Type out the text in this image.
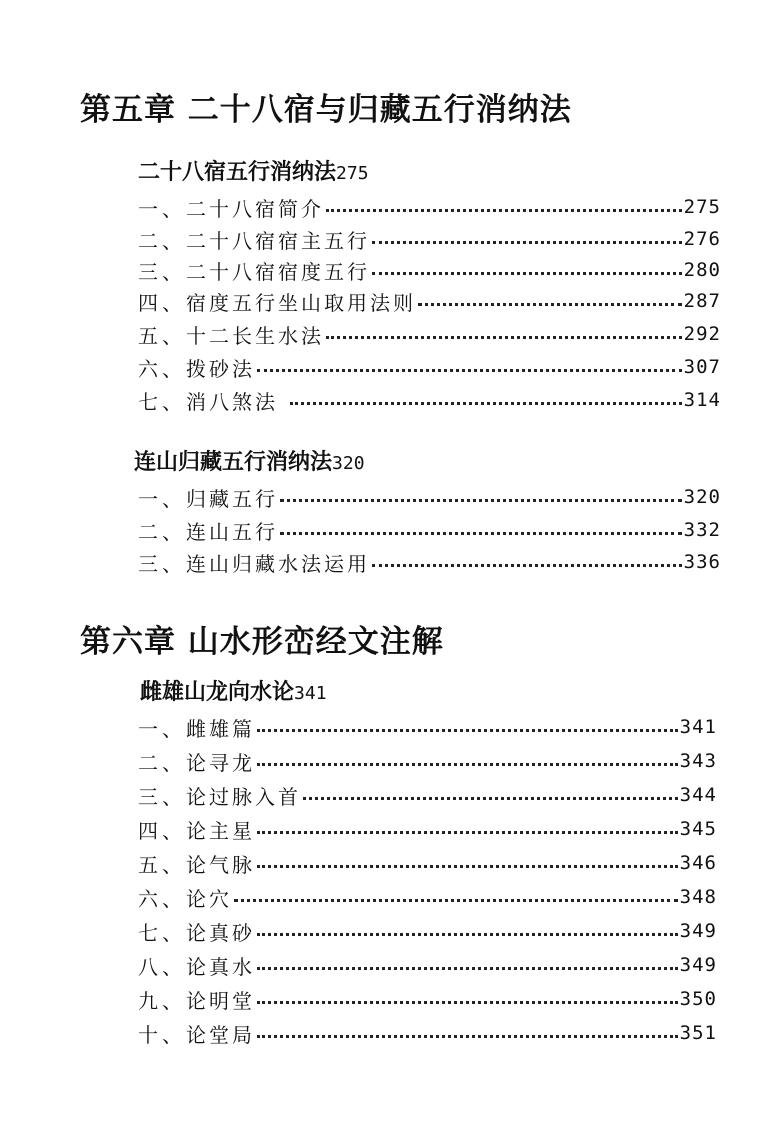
第五章 二十八宿与归藏五行消纳法
二十八宿五行消纳法275
一、 二十八宿简介	275
二、 二十八宿宿主五行	276
三、 二十八宿宿度五行	280
四、 宿度五行坐山取用法则	287
五、 十二长生水法	292
六、 拨砂法	307
七、 消八煞法	314
连山归藏五行消纳法320
一、 归藏五行	320
二、 连山五行	332
三、 连山归藏水法运用	336
第六章 山水形峦经文注解
雌雄山龙向水论341
一、 雌雄篇	341
二、 论寻龙	343
三、 论过脉入首	344
四、 论主星	345
五、 论气脉	346
六、 论穴	348
七、 论真砂	349
八、 论真水	349
九、 论明堂	350
十、 论堂局	351
